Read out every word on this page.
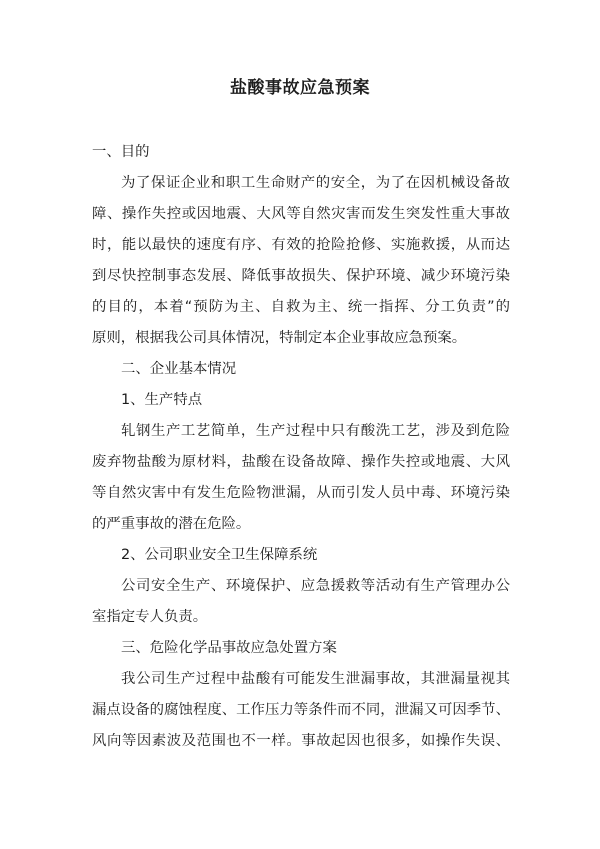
盐酸事故应急预案
一、目的
为了保证企业和职工生命财产的安全，为了在因机械设备故
障、操作失控或因地震、大风等自然灾害而发生突发性重大事故
时，能以最快的速度有序、有效的抢险抢修、实施救援，从而达
到尽快控制事态发展、降低事故损失、保护环境、减少环境污染
的目的，本着“预防为主、自救为主、统一指挥、分工负责”的
原则，根据我公司具体情况，特制定本企业事故应急预案。
二、企业基本情况
1、生产特点
轧钢生产工艺简单，生产过程中只有酸洗工艺，涉及到危险
废弃物盐酸为原材料，盐酸在设备故障、操作失控或地震、大风
等自然灾害中有发生危险物泄漏，从而引发人员中毒、环境污染
的严重事故的潜在危险。
2、公司职业安全卫生保障系统
公司安全生产、环境保护、应急援救等活动有生产管理办公
室指定专人负责。
三、危险化学品事故应急处置方案
我公司生产过程中盐酸有可能发生泄漏事故，其泄漏量视其
漏点设备的腐蚀程度、工作压力等条件而不同，泄漏又可因季节、
风向等因素波及范围也不一样。事故起因也很多，如操作失误、
